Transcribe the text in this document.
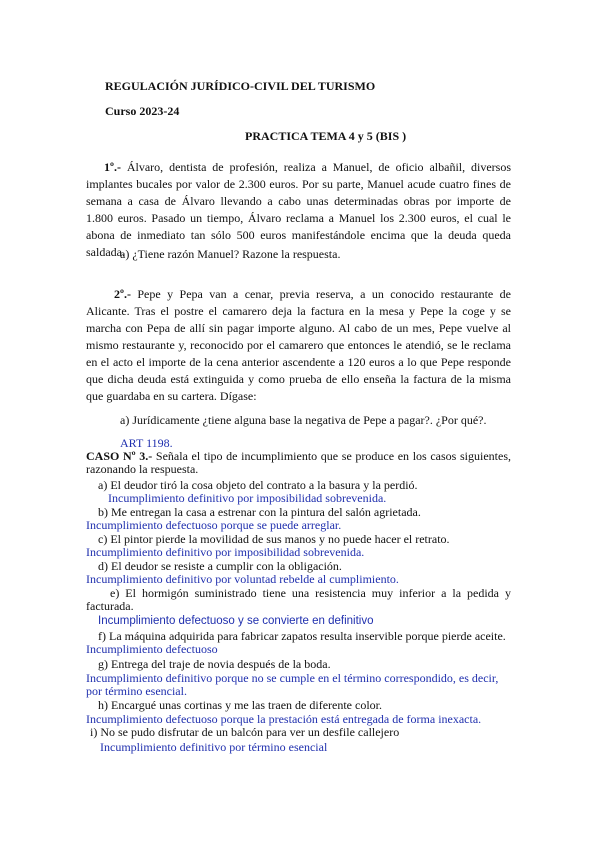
REGULACIÓN JURÍDICO-CIVIL DEL TURISMO
Curso 2023-24
PRACTICA TEMA 4 y 5 (BIS )
1º.- Álvaro, dentista de profesión, realiza a Manuel, de oficio albañil, diversos
implantes bucales por valor de 2.300 euros. Por su parte, Manuel acude cuatro fines de
semana a casa de Álvaro llevando a cabo unas determinadas obras por importe de
1.800 euros. Pasado un tiempo, Álvaro reclama a Manuel los 2.300 euros, el cual le
abona de inmediato tan sólo 500 euros manifestándole encima que la deuda queda
saldada.
a) ¿Tiene razón Manuel? Razone la respuesta.
2º.- Pepe y Pepa van a cenar, previa reserva, a un conocido restaurante de
Alicante. Tras el postre el camarero deja la factura en la mesa y Pepe la coge y se
marcha con Pepa de allí sin pagar importe alguno. Al cabo de un mes, Pepe vuelve al
mismo restaurante y, reconocido por el camarero que entonces le atendió, se le reclama
en el acto el importe de la cena anterior ascendente a 120 euros a lo que Pepe responde
que dicha deuda está extinguida y como prueba de ello enseña la factura de la misma
que guardaba en su cartera. Dígase:
a) Jurídicamente ¿tiene alguna base la negativa de Pepe a pagar?. ¿Por qué?.
ART 1198.
CASO Nº 3.- Señala el tipo de incumplimiento que se produce en los casos siguientes,
razonando la respuesta.
a) El deudor tiró la cosa objeto del contrato a la basura y la perdió.
Incumplimiento definitivo por imposibilidad sobrevenida.
b) Me entregan la casa a estrenar con la pintura del salón agrietada.
Incumplimiento defectuoso porque se puede arreglar.
c) El pintor pierde la movilidad de sus manos y no puede hacer el retrato.
Incumplimiento definitivo por imposibilidad sobrevenida.
d) El deudor se resiste a cumplir con la obligación.
Incumplimiento definitivo por voluntad rebelde al cumplimiento.
e) El hormigón suministrado tiene una resistencia muy inferior a la pedida y
facturada.
Incumplimiento defectuoso y se convierte en definitivo
f) La máquina adquirida para fabricar zapatos resulta inservible porque pierde aceite.
Incumplimiento defectuoso
g) Entrega del traje de novia después de la boda.
Incumplimiento definitivo porque no se cumple en el término correspondido, es decir,
por término esencial.
h) Encargué unas cortinas y me las traen de diferente color.
Incumplimiento defectuoso porque la prestación está entregada de forma inexacta.
i) No se pudo disfrutar de un balcón para ver un desfile callejero
Incumplimiento definitivo por término esencial
